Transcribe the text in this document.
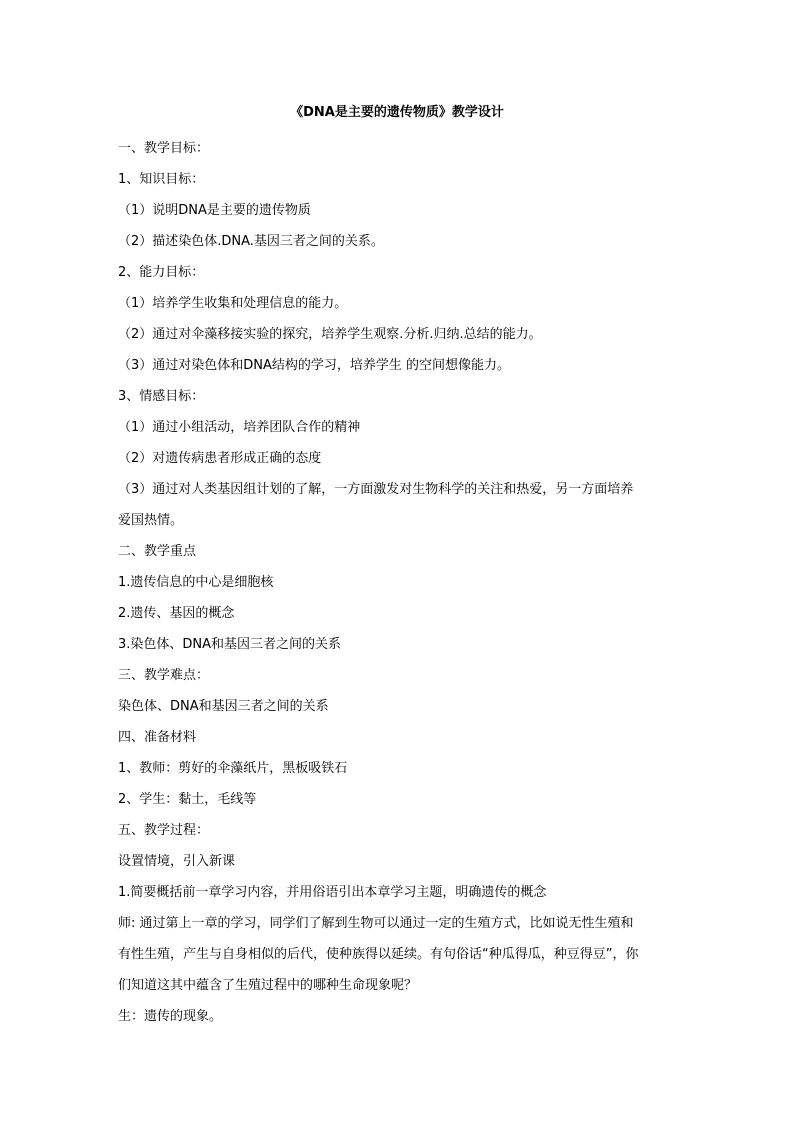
《DNA是主要的遗传物质》教学设计
一、教学目标：
1、知识目标：
（1）说明DNA是主要的遗传物质
（2）描述染色体.DNA.基因三者之间的关系。
2、能力目标：
（1）培养学生收集和处理信息的能力。
（2）通过对伞藻移接实验的探究，培养学生观察.分析.归纳.总结的能力。
（3）通过对染色体和DNA结构的学习，培养学生 的空间想像能力。
3、情感目标：
（1）通过小组活动，培养团队合作的精神
（2）对遗传病患者形成正确的态度
（3）通过对人类基因组计划的了解，一方面激发对生物科学的关注和热爱，另一方面培养
爱国热情。
二、教学重点
1.遗传信息的中心是细胞核
2.遗传、基因的概念
3.染色体、DNA和基因三者之间的关系
三、教学难点：
染色体、DNA和基因三者之间的关系
四、准备材料
1、教师：剪好的伞藻纸片，黑板吸铁石
2、学生：黏土，毛线等
五、教学过程：
设置情境，引入新课
1.简要概括前一章学习内容，并用俗语引出本章学习主题，明确遗传的概念
师: 通过第上一章的学习，同学们了解到生物可以通过一定的生殖方式，比如说无性生殖和
有性生殖，产生与自身相似的后代，使种族得以延续。有句俗话“种瓜得瓜，种豆得豆”，你
们知道这其中蕴含了生殖过程中的哪种生命现象呢？
生：遗传的现象。
